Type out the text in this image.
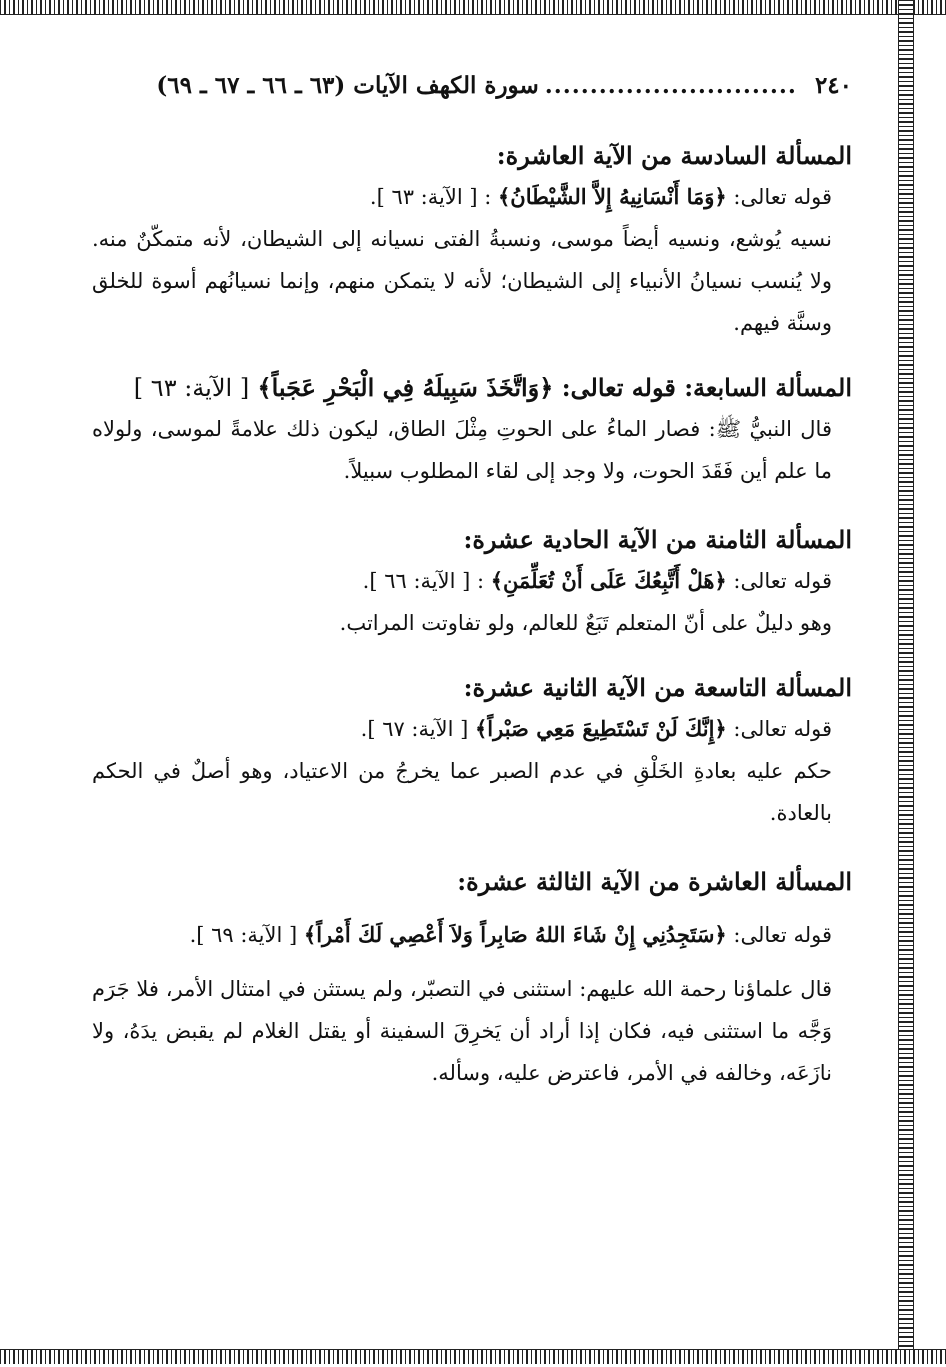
٢٤٠
............................
سورة الكهف الآيات (٦٣ ـ ٦٦ ـ ٦٧ ـ ٦٩)

المسألة السادسة من الآية العاشرة:

قوله تعالى: ﴿وَمَا أَنْسَانِيهُ إِلاَّ الشَّيْطَانُ﴾ : [ الآية: ٦٣ ].

نسيه يُوشع، ونسيه أيضاً موسى، ونسبةُ الفتى نسيانه إلى الشيطان، لأنه متمكّنٌ منه. ولا يُنسب نسيانُ الأنبياء إلى الشيطان؛ لأنه لا يتمكن منهم، وإنما نسيانُهم أسوة للخلق وسنَّة فيهم.

المسألة السابعة: قوله تعالى: ﴿وَاتَّخَذَ سَبِيلَهُ فِي الْبَحْرِ عَجَباً﴾ [ الآية: ٦٣ ]

قال النبيُّ ﷺ: فصار الماءُ على الحوتِ مِثْلَ الطاق، ليكون ذلك علامةً لموسى، ولولاه ما علم أين فَقَدَ الحوت، ولا وجد إلى لقاء المطلوب سبيلاً.

المسألة الثامنة من الآية الحادية عشرة:

قوله تعالى: ﴿هَلْ أَتَّبِعُكَ عَلَى أَنْ تُعَلِّمَنِ﴾ : [ الآية: ٦٦ ].

وهو دليلٌ على أنّ المتعلم تَبَعٌ للعالم، ولو تفاوتت المراتب.

المسألة التاسعة من الآية الثانية عشرة:

قوله تعالى: ﴿إِنَّكَ لَنْ تَسْتَطِيعَ مَعِي صَبْراً﴾ [ الآية: ٦٧ ].

حكم عليه بعادةِ الخَلْقِ في عدم الصبر عما يخرجُ من الاعتياد، وهو أصلٌ في الحكم بالعادة.

المسألة العاشرة من الآية الثالثة عشرة:

قوله تعالى: ﴿سَتَجِدُنِي إِنْ شَاءَ اللهُ صَابِراً وَلاَ أَعْصِي لَكَ أَمْراً﴾ [ الآية: ٦٩ ].

قال علماؤنا رحمة الله عليهم: استثنى في التصبّر، ولم يستثن في امتثال الأمر، فلا جَرَم وَجَّه ما استثنى فيه، فكان إذا أراد أن يَخرِقَ السفينة أو يقتل الغلام لم يقبض يدَهُ، ولا نازَعَه، وخالفه في الأمر، فاعترض عليه، وسأله.
